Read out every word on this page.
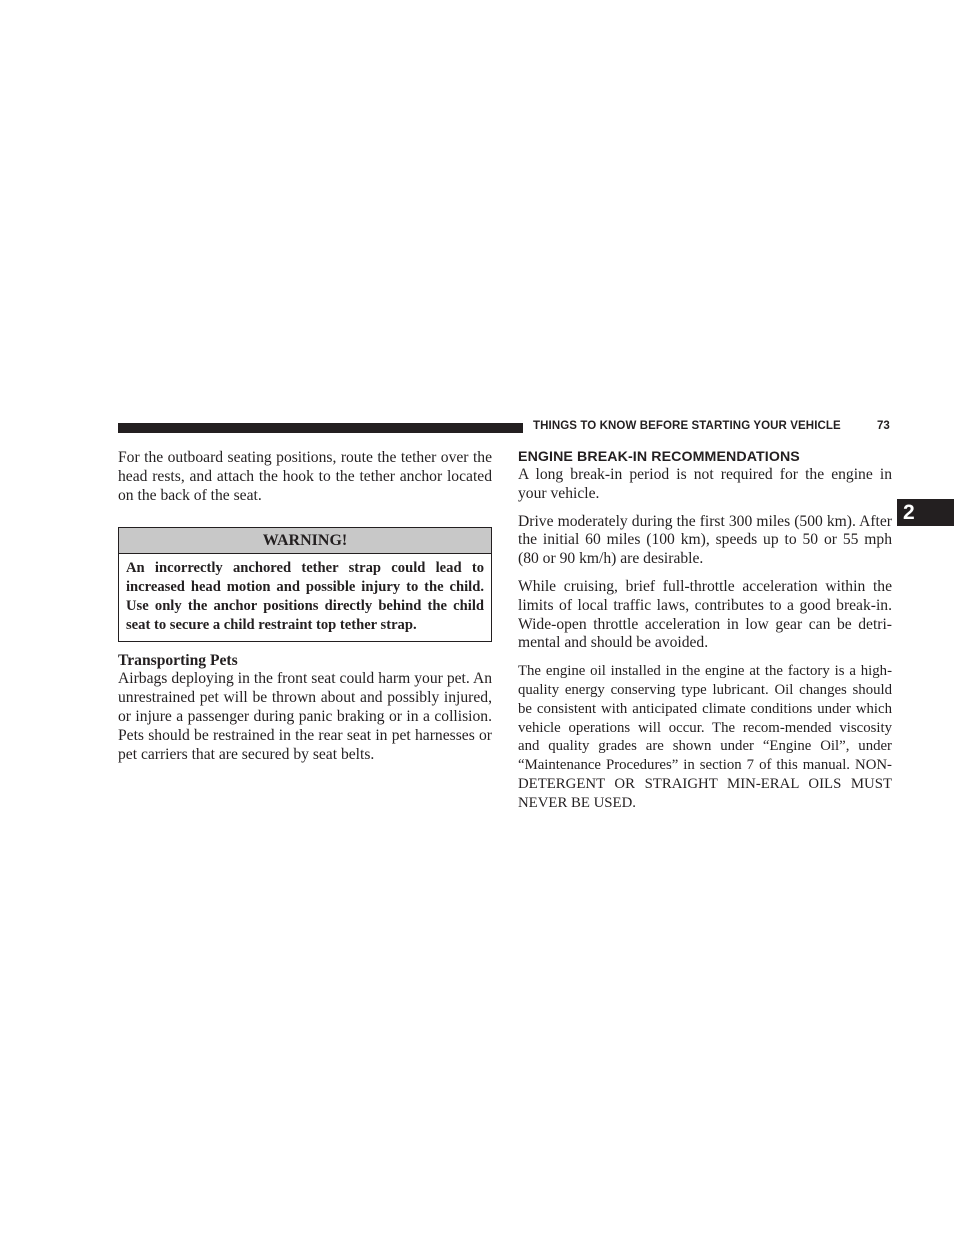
THINGS TO KNOW BEFORE STARTING YOUR VEHICLE	73
2

For the outboard seating positions, route the tether over the head rests, and attach the hook to the tether anchor located on the back of the seat.

WARNING!
An incorrectly anchored tether strap could lead to increased head motion and possible injury to the child. Use only the anchor positions directly behind the child seat to secure a child restraint top tether strap.

Transporting Pets

Airbags deploying in the front seat could harm your pet. An unrestrained pet will be thrown about and possibly injured, or injure a passenger during panic braking or in a collision. Pets should be restrained in the rear seat in pet harnesses or pet carriers that are secured by seat belts.

ENGINE BREAK-IN RECOMMENDATIONS

A long break-in period is not required for the engine in your vehicle.

Drive moderately during the first 300 miles (500 km). After the initial 60 miles (100 km), speeds up to 50 or 55 mph (80 or 90 km/h) are desirable.

While cruising, brief full-throttle acceleration within the limits of local traffic laws, contributes to a good break-in. Wide-open throttle acceleration in low gear can be detri-mental and should be avoided.

The engine oil installed in the engine at the factory is a high-quality energy conserving type lubricant. Oil changes should be consistent with anticipated climate conditions under which vehicle operations will occur. The recom-mended viscosity and quality grades are shown under “Engine Oil”, under “Maintenance Procedures” in section 7 of this manual. NON-DETERGENT OR STRAIGHT MIN-ERAL OILS MUST NEVER BE USED.
